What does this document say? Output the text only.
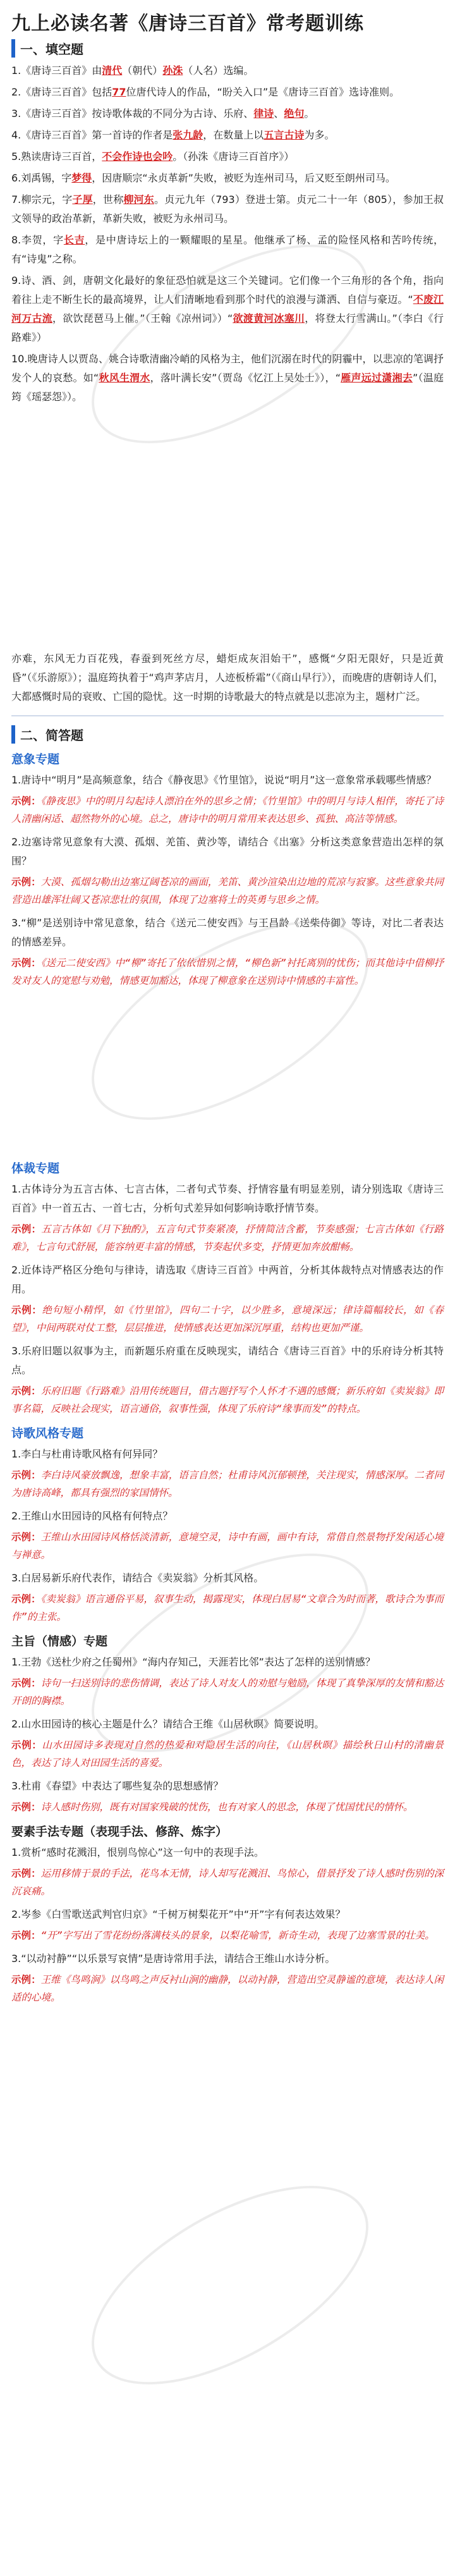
九上必读名著《唐诗三百首》常考题训练
一、填空题

1.《唐诗三百首》由清代（朝代）孙洙（人名）选编。

2.《唐诗三百首》包括77位唐代诗人的作品，“盼关入口”是《唐诗三百首》选诗准则。

3.《唐诗三百首》按诗歌体裁的不同分为古诗、乐府、律诗、绝句。

4.《唐诗三百首》第一首诗的作者是张九龄，在数量上以五言古诗为多。

5.熟读唐诗三百首，不会作诗也会吟。（孙洙《唐诗三百首序》）

6.刘禹锡，字梦得，因唐顺宗“永贞革新”失败，被贬为连州司马，后又贬至朗州司马。

7.柳宗元，字子厚，世称柳河东。贞元九年（793）登进士第。贞元二十一年（805），参加王叔文领导的政治革新，革新失败，被贬为永州司马。

8.李贺，字长吉，是中唐诗坛上的一颗耀眼的星星。他继承了杨、孟的险怪风格和苦吟传统，有“诗鬼”之称。

9.诗、酒、剑，唐朝文化最好的象征恐怕就是这三个关键词。它们像一个三角形的各个角，指向着往上走不断生长的最高境界，让人们清晰地看到那个时代的浪漫与潇洒、自信与豪迈。“不废江河万古流，欲饮琵琶马上催。”（王翰《凉州词》）“欲渡黄河冰塞川，将登太行雪满山。”（李白《行路难》）

10.晚唐诗人以贾岛、姚合诗歌清幽冷峭的风格为主，他们沉溺在时代的阴霾中，以悲凉的笔调抒发个人的哀愁。如“秋风生渭水，落叶满长安”（贾岛《忆江上吴处士》），“雁声远过潇湘去”（温庭筠《瑶瑟怨》）。

亦难，东风无力百花残，春蚕到死丝方尽，蜡炬成灰泪始干”，感慨“夕阳无限好，只是近黄昏”（《乐游原》）；温庭筠执着于“鸡声茅店月，人迹板桥霜”（《商山早行》），而晚唐的唐朝诗人们，大都感慨时局的衰败、亡国的隐忧。这一时期的诗歌最大的特点就是以悲凉为主，题材广泛。

二、简答题
意象专题

1.唐诗中“明月”是高频意象，结合《静夜思》《竹里馆》，说说“明月”这一意象常承载哪些情感？

示例：《静夜思》中的明月勾起诗人漂泊在外的思乡之情；《竹里馆》中的明月与诗人相伴，寄托了诗人清幽闲适、超然物外的心境。总之，唐诗中的明月常用来表达思乡、孤独、高洁等情感。

2.边塞诗常见意象有大漠、孤烟、羌笛、黄沙等，请结合《出塞》分析这类意象营造出怎样的氛围？

示例：大漠、孤烟勾勒出边塞辽阔苍凉的画面，羌笛、黄沙渲染出边地的荒凉与寂寥。这些意象共同营造出雄浑壮阔又苍凉悲壮的氛围，体现了边塞将士的英勇与思乡之情。

3.“柳”是送别诗中常见意象，结合《送元二使安西》与王昌龄《送柴侍御》等诗，对比二者表达的情感差异。

示例：《送元二使安西》中“柳”寄托了依依惜别之情，“柳色新”衬托离别的忧伤；而其他诗中借柳抒发对友人的宽慰与劝勉，情感更加豁达，体现了柳意象在送别诗中情感的丰富性。

体裁专题

1.古体诗分为五言古体、七言古体，二者句式节奏、抒情容量有明显差别，请分别选取《唐诗三百首》中一首五古、一首七古，分析句式差异如何影响诗歌抒情节奏。

示例：五言古体如《月下独酌》，五言句式节奏紧凑，抒情简洁含蓄，节奏感强；七言古体如《行路难》，七言句式舒展，能容纳更丰富的情感，节奏起伏多变，抒情更加奔放酣畅。

2.近体诗严格区分绝句与律诗，请选取《唐诗三百首》中两首，分析其体裁特点对情感表达的作用。

示例：绝句短小精悍，如《竹里馆》，四句二十字，以少胜多，意境深远；律诗篇幅较长，如《春望》，中间两联对仗工整，层层推进，使情感表达更加深沉厚重，结构也更加严谨。

3.乐府旧题以叙事为主，而新题乐府重在反映现实，请结合《唐诗三百首》中的乐府诗分析其特点。

示例：乐府旧题《行路难》沿用传统题目，借古题抒写个人怀才不遇的感慨；新乐府如《卖炭翁》即事名篇，反映社会现实，语言通俗，叙事性强，体现了乐府诗“缘事而发”的特点。

诗歌风格专题

1.李白与杜甫诗歌风格有何异同？

示例：李白诗风豪放飘逸，想象丰富，语言自然；杜甫诗风沉郁顿挫，关注现实，情感深厚。二者同为唐诗高峰，都具有强烈的家国情怀。

2.王维山水田园诗的风格有何特点？

示例：王维山水田园诗风格恬淡清新，意境空灵，诗中有画，画中有诗，常借自然景物抒发闲适心境与禅意。

3.白居易新乐府代表作，请结合《卖炭翁》分析其风格。

示例：《卖炭翁》语言通俗平易，叙事生动，揭露现实，体现白居易“文章合为时而著，歌诗合为事而作”的主张。

主旨（情感）专题

1.王勃《送杜少府之任蜀州》“海内存知己，天涯若比邻”表达了怎样的送别情感？

示例：诗句一扫送别诗的悲伤情调，表达了诗人对友人的劝慰与勉励，体现了真挚深厚的友情和豁达开朗的胸襟。

2.山水田园诗的核心主题是什么？请结合王维《山居秋暝》简要说明。

示例：山水田园诗多表现对自然的热爱和对隐居生活的向往，《山居秋暝》描绘秋日山村的清幽景色，表达了诗人对田园生活的喜爱。

3.杜甫《春望》中表达了哪些复杂的思想感情？

示例：诗人感时伤别，既有对国家残破的忧伤，也有对家人的思念，体现了忧国忧民的情怀。

要素手法专题（表现手法、修辞、炼字）

1.赏析“感时花溅泪，恨别鸟惊心”这一句中的表现手法。

示例：运用移情于景的手法，花鸟本无情，诗人却写花溅泪、鸟惊心，借景抒发了诗人感时伤别的深沉哀痛。

2.岑参《白雪歌送武判官归京》“千树万树梨花开”中“开”字有何表达效果？

示例：“开”字写出了雪花纷纷落满枝头的景象，以梨花喻雪，新奇生动，表现了边塞雪景的壮美。

3.“以动衬静”“以乐景写哀情”是唐诗常用手法，请结合王维山水诗分析。

示例：王维《鸟鸣涧》以鸟鸣之声反衬山涧的幽静，以动衬静，营造出空灵静谧的意境，表达诗人闲适的心境。
